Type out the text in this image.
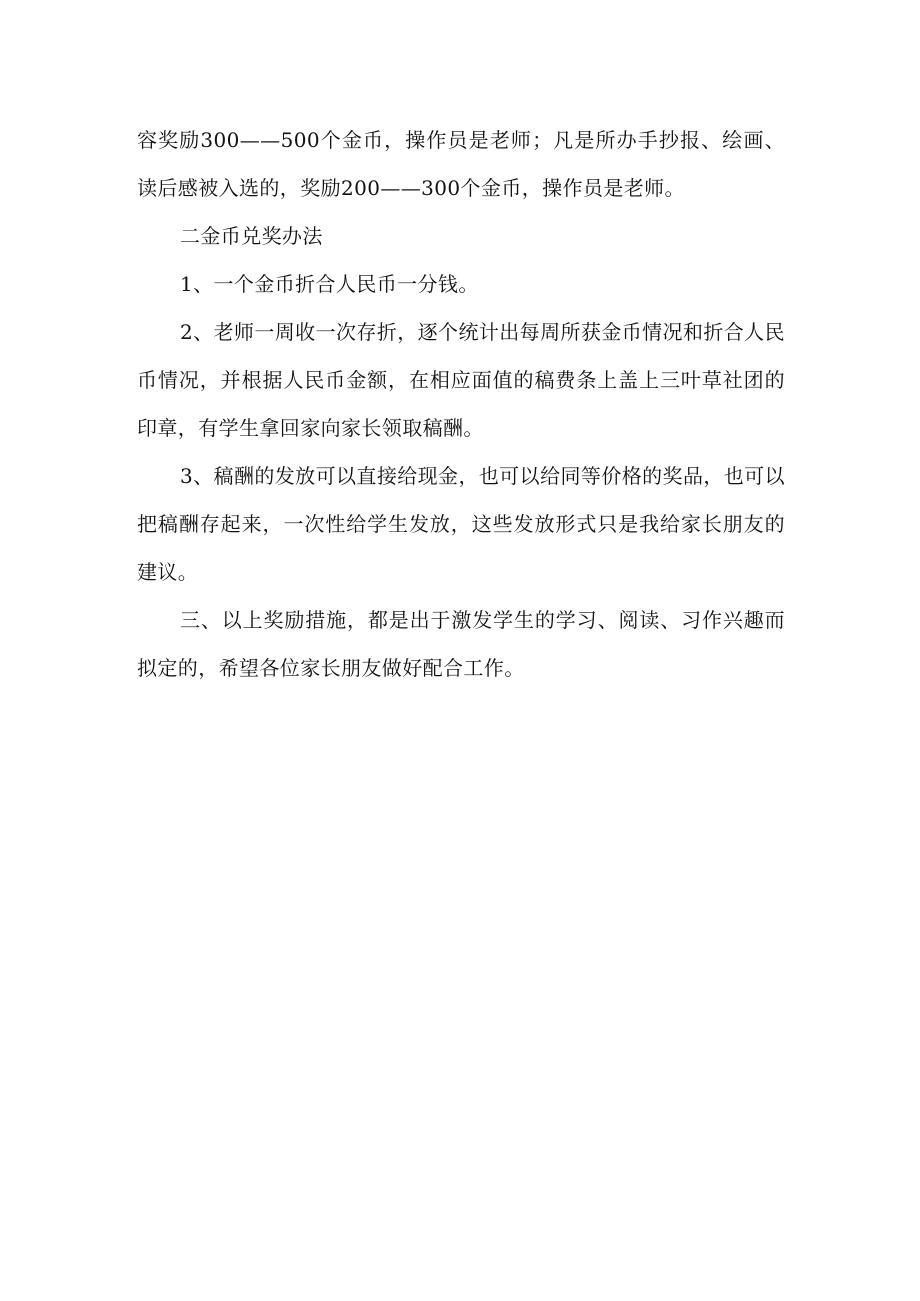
容奖励300——500个金币，操作员是老师；凡是所办手抄报、绘画、读后感被入选的，奖励200——300个金币，操作员是老师。

二金币兑奖办法

1、一个金币折合人民币一分钱。

2、老师一周收一次存折，逐个统计出每周所获金币情况和折合人民币情况，并根据人民币金额，在相应面值的稿费条上盖上三叶草社团的印章，有学生拿回家向家长领取稿酬。

3、稿酬的发放可以直接给现金，也可以给同等价格的奖品，也可以把稿酬存起来，一次性给学生发放，这些发放形式只是我给家长朋友的建议。

三、以上奖励措施，都是出于激发学生的学习、阅读、习作兴趣而拟定的，希望各位家长朋友做好配合工作。
